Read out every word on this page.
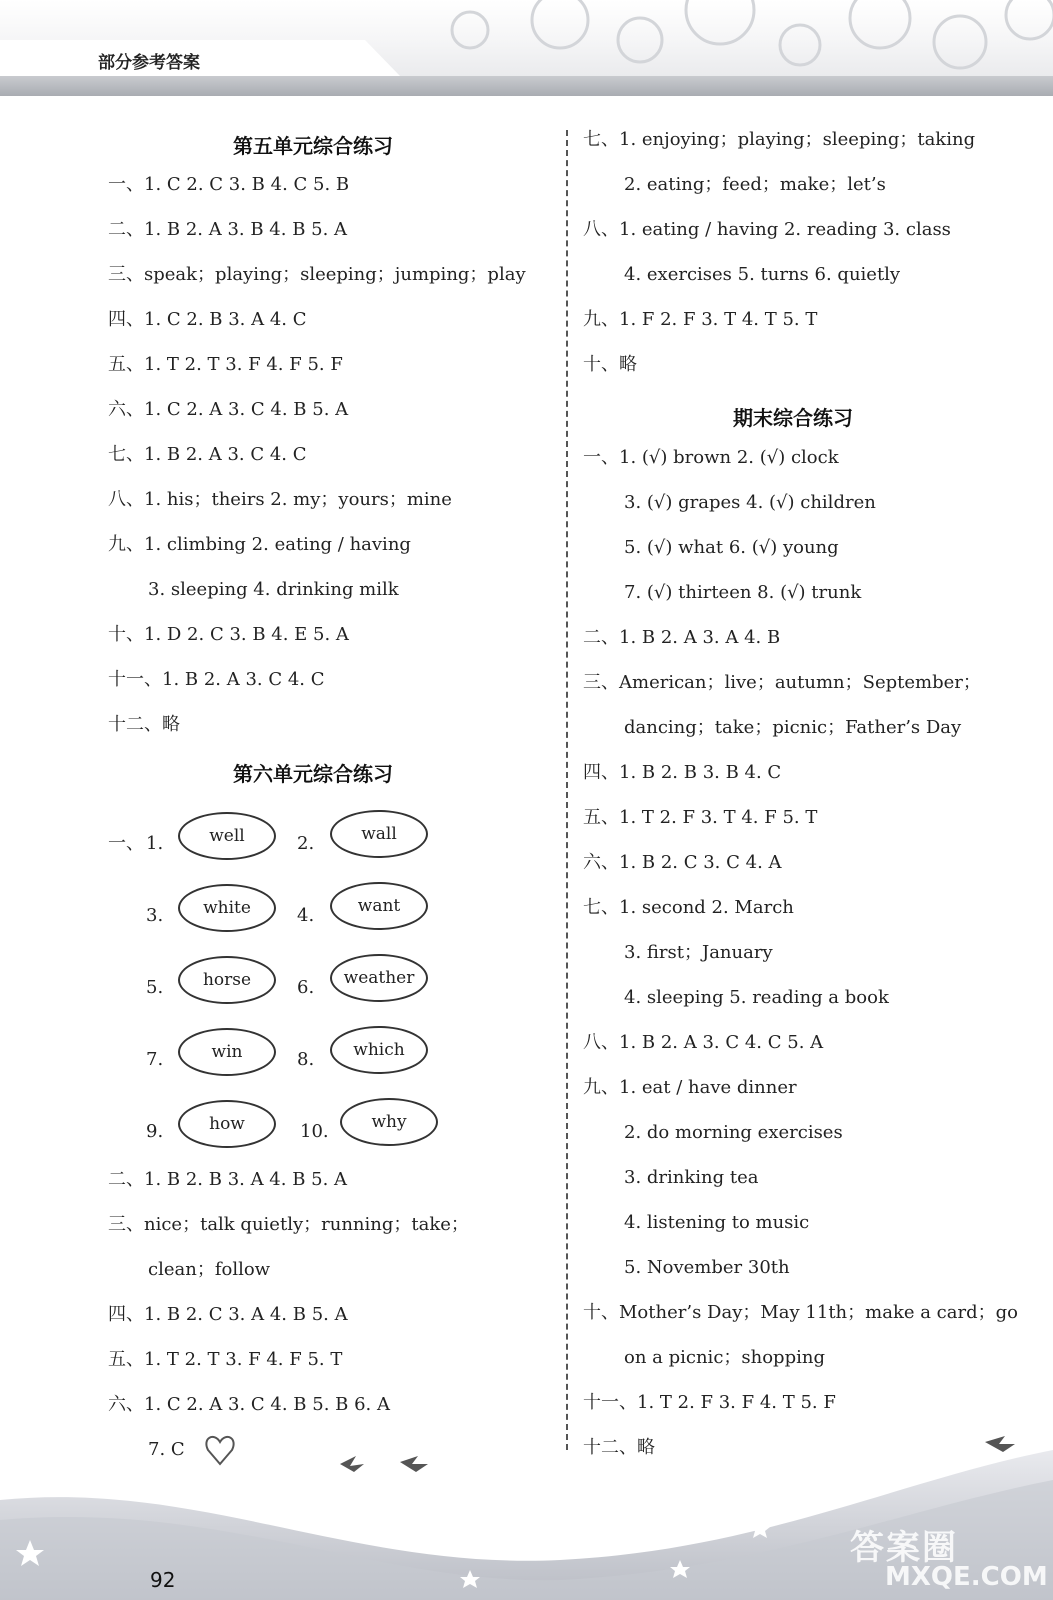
部分参考答案
第五单元综合练习
一、1. C 2. C 3. B 4. C 5. B
二、1. B 2. A 3. B 4. B 5. A
三、speak；playing；sleeping；jumping；play
四、1. C 2. B 3. A 4. C
五、1. T 2. T 3. F 4. F 5. F
六、1. C 2. A 3. C 4. B 5. A
七、1. B 2. A 3. C 4. C
八、1. his；theirs 2. my；yours；mine
九、1. climbing 2. eating / having
3. sleeping 4. drinking milk
十、1. D 2. C 3. B 4. E 5. A
十一、1. B 2. A 3. C 4. C
十二、略
第六单元综合练习
一、 1.	well	2.	wall
3.	white	4.	want
5.	horse	6.	weather
7.	win	8.	which
9.	how	10.	why
二、1. B 2. B 3. A 4. B 5. A
三、nice；talk quietly；running；take；
clean；follow
四、1. B 2. C 3. A 4. B 5. A
五、1. T 2. T 3. F 4. F 5. T
六、1. C 2. A 3. C 4. B 5. B 6. A
7. C
七、1. enjoying；playing；sleeping；taking
2. eating；feed；make；let’s
八、1. eating / having 2. reading 3. class
4. exercises 5. turns 6. quietly
九、1. F 2. F 3. T 4. T 5. T
十、略
期末综合练习
一、1. (√) brown 2. (√) clock
3. (√) grapes 4. (√) children
5. (√) what 6. (√) young
7. (√) thirteen 8. (√) trunk
二、1. B 2. A 3. A 4. B
三、American；live；autumn；September；
dancing；take；picnic；Father’s Day
四、1. B 2. B 3. B 4. C
五、1. T 2. F 3. T 4. F 5. T
六、1. B 2. C 3. C 4. A
七、1. second 2. March
3. first；January
4. sleeping 5. reading a book
八、1. B 2. A 3. C 4. C 5. A
九、1. eat / have dinner
2. do morning exercises
3. drinking tea
4. listening to music
5. November 30th
十、Mother’s Day；May 11th；make a card；go
on a picnic；shopping
十一、1. T 2. F 3. F 4. T 5. F
十二、略
92
答案圈
MXQE.COM
